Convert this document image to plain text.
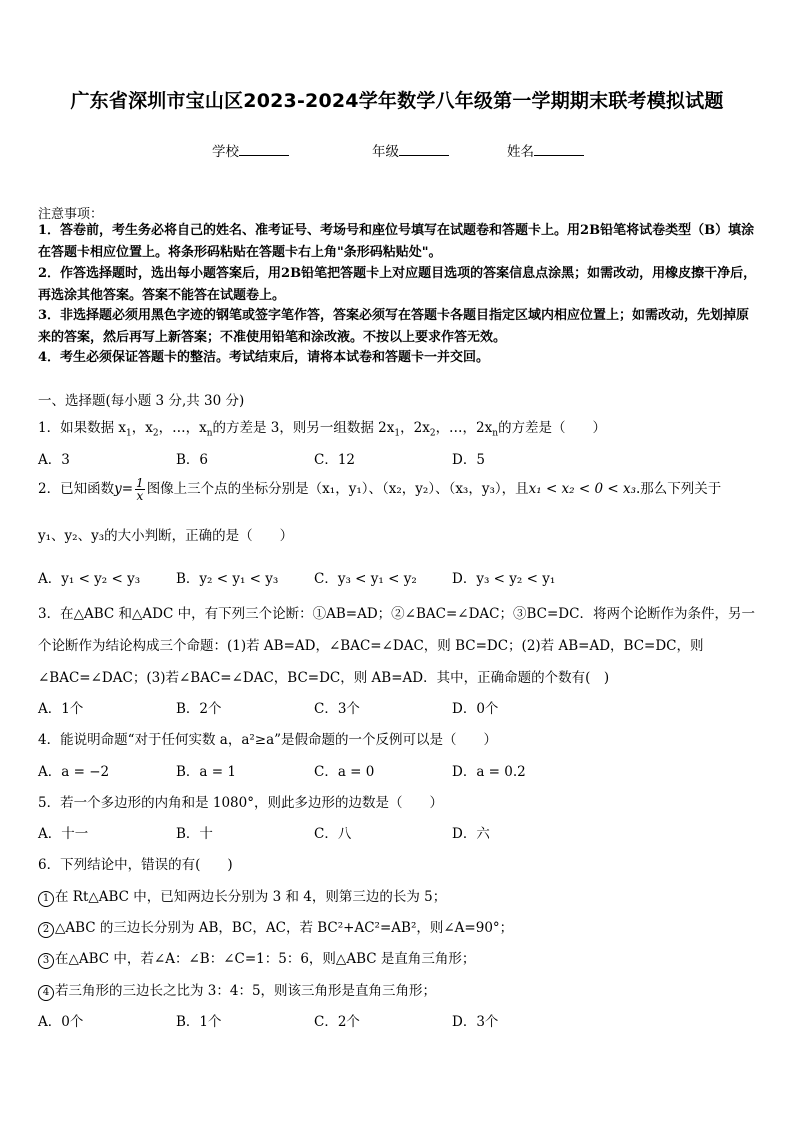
广东省深圳市宝山区2023-2024学年数学八年级第一学期期末联考模拟试题
学校	年级	姓名
注意事项：
1．答卷前，考生务必将自己的姓名、准考证号、考场号和座位号填写在试题卷和答题卡上。用2B铅笔将试卷类型（B）填涂在答题卡相应位置上。将条形码粘贴在答题卡右上角"条形码粘贴处"。
2．作答选择题时，选出每小题答案后，用2B铅笔把答题卡上对应题目选项的答案信息点涂黑；如需改动，用橡皮擦干净后，再选涂其他答案。答案不能答在试题卷上。
3．非选择题必须用黑色字迹的钢笔或签字笔作答，答案必须写在答题卡各题目指定区域内相应位置上；如需改动，先划掉原来的答案，然后再写上新答案；不准使用铅笔和涂改液。不按以上要求作答无效。
4．考生必须保证答题卡的整洁。考试结束后，请将本试卷和答题卡一并交回。
一、选择题(每小题 3 分,共 30 分)
1．如果数据 $x_1$，$x_2$，…，$x_n$的方差是 3，则另一组数据 $2x_1$，$2x_2$，…，$2x_n$的方差是（　　）
A．3	B．6	C．12	D．5
2．已知函数$y= \frac{1}{x}$ 图像上三个点的坐标分别是（x₁，y₁）、（x₂，y₂）、（x₃，y₃），且x₁ < x₂ < 0 < x₃.那么下列关于
y₁、y₂、y₃的大小判断，正确的是（　　）
A．y₁ < y₂ < y₃	B．y₂ < y₁ < y₃	C．y₃ < y₁ < y₂	D．y₃ < y₂ < y₁
3．在△ABC 和△ADC 中，有下列三个论断：①AB=AD；②∠BAC=∠DAC；③BC=DC．将两个论断作为条件，另一
个论断作为结论构成三个命题：(1)若 AB=AD，∠BAC=∠DAC，则 BC=DC；(2)若 AB=AD，BC=DC，则
∠BAC=∠DAC；(3)若∠BAC=∠DAC，BC=DC，则 AB=AD．其中，正确命题的个数有(　)
A．1个	B．2个	C．3个	D．0个
4．能说明命题“对于任何实数 a，a²≥a”是假命题的一个反例可以是（　　）
A．a = −2	B．a = 1	C．a = 0	D．a = 0.2
5．若一个多边形的内角和是 1080°，则此多边形的边数是（　　）
A．十一	B．十	C．八	D．六
6．下列结论中，错误的有(　　)
1 在 Rt△ABC 中，已知两边长分别为 3 和 4，则第三边的长为 5；
2 △ABC 的三边长分别为 AB，BC，AC，若 BC²+AC²=AB²，则∠A=90°；
3 在△ABC 中，若∠A：∠B：∠C=1：5：6，则△ABC 是直角三角形；
4 若三角形的三边长之比为 3：4：5，则该三角形是直角三角形；
A．0个	B．1个	C．2个	D．3个
